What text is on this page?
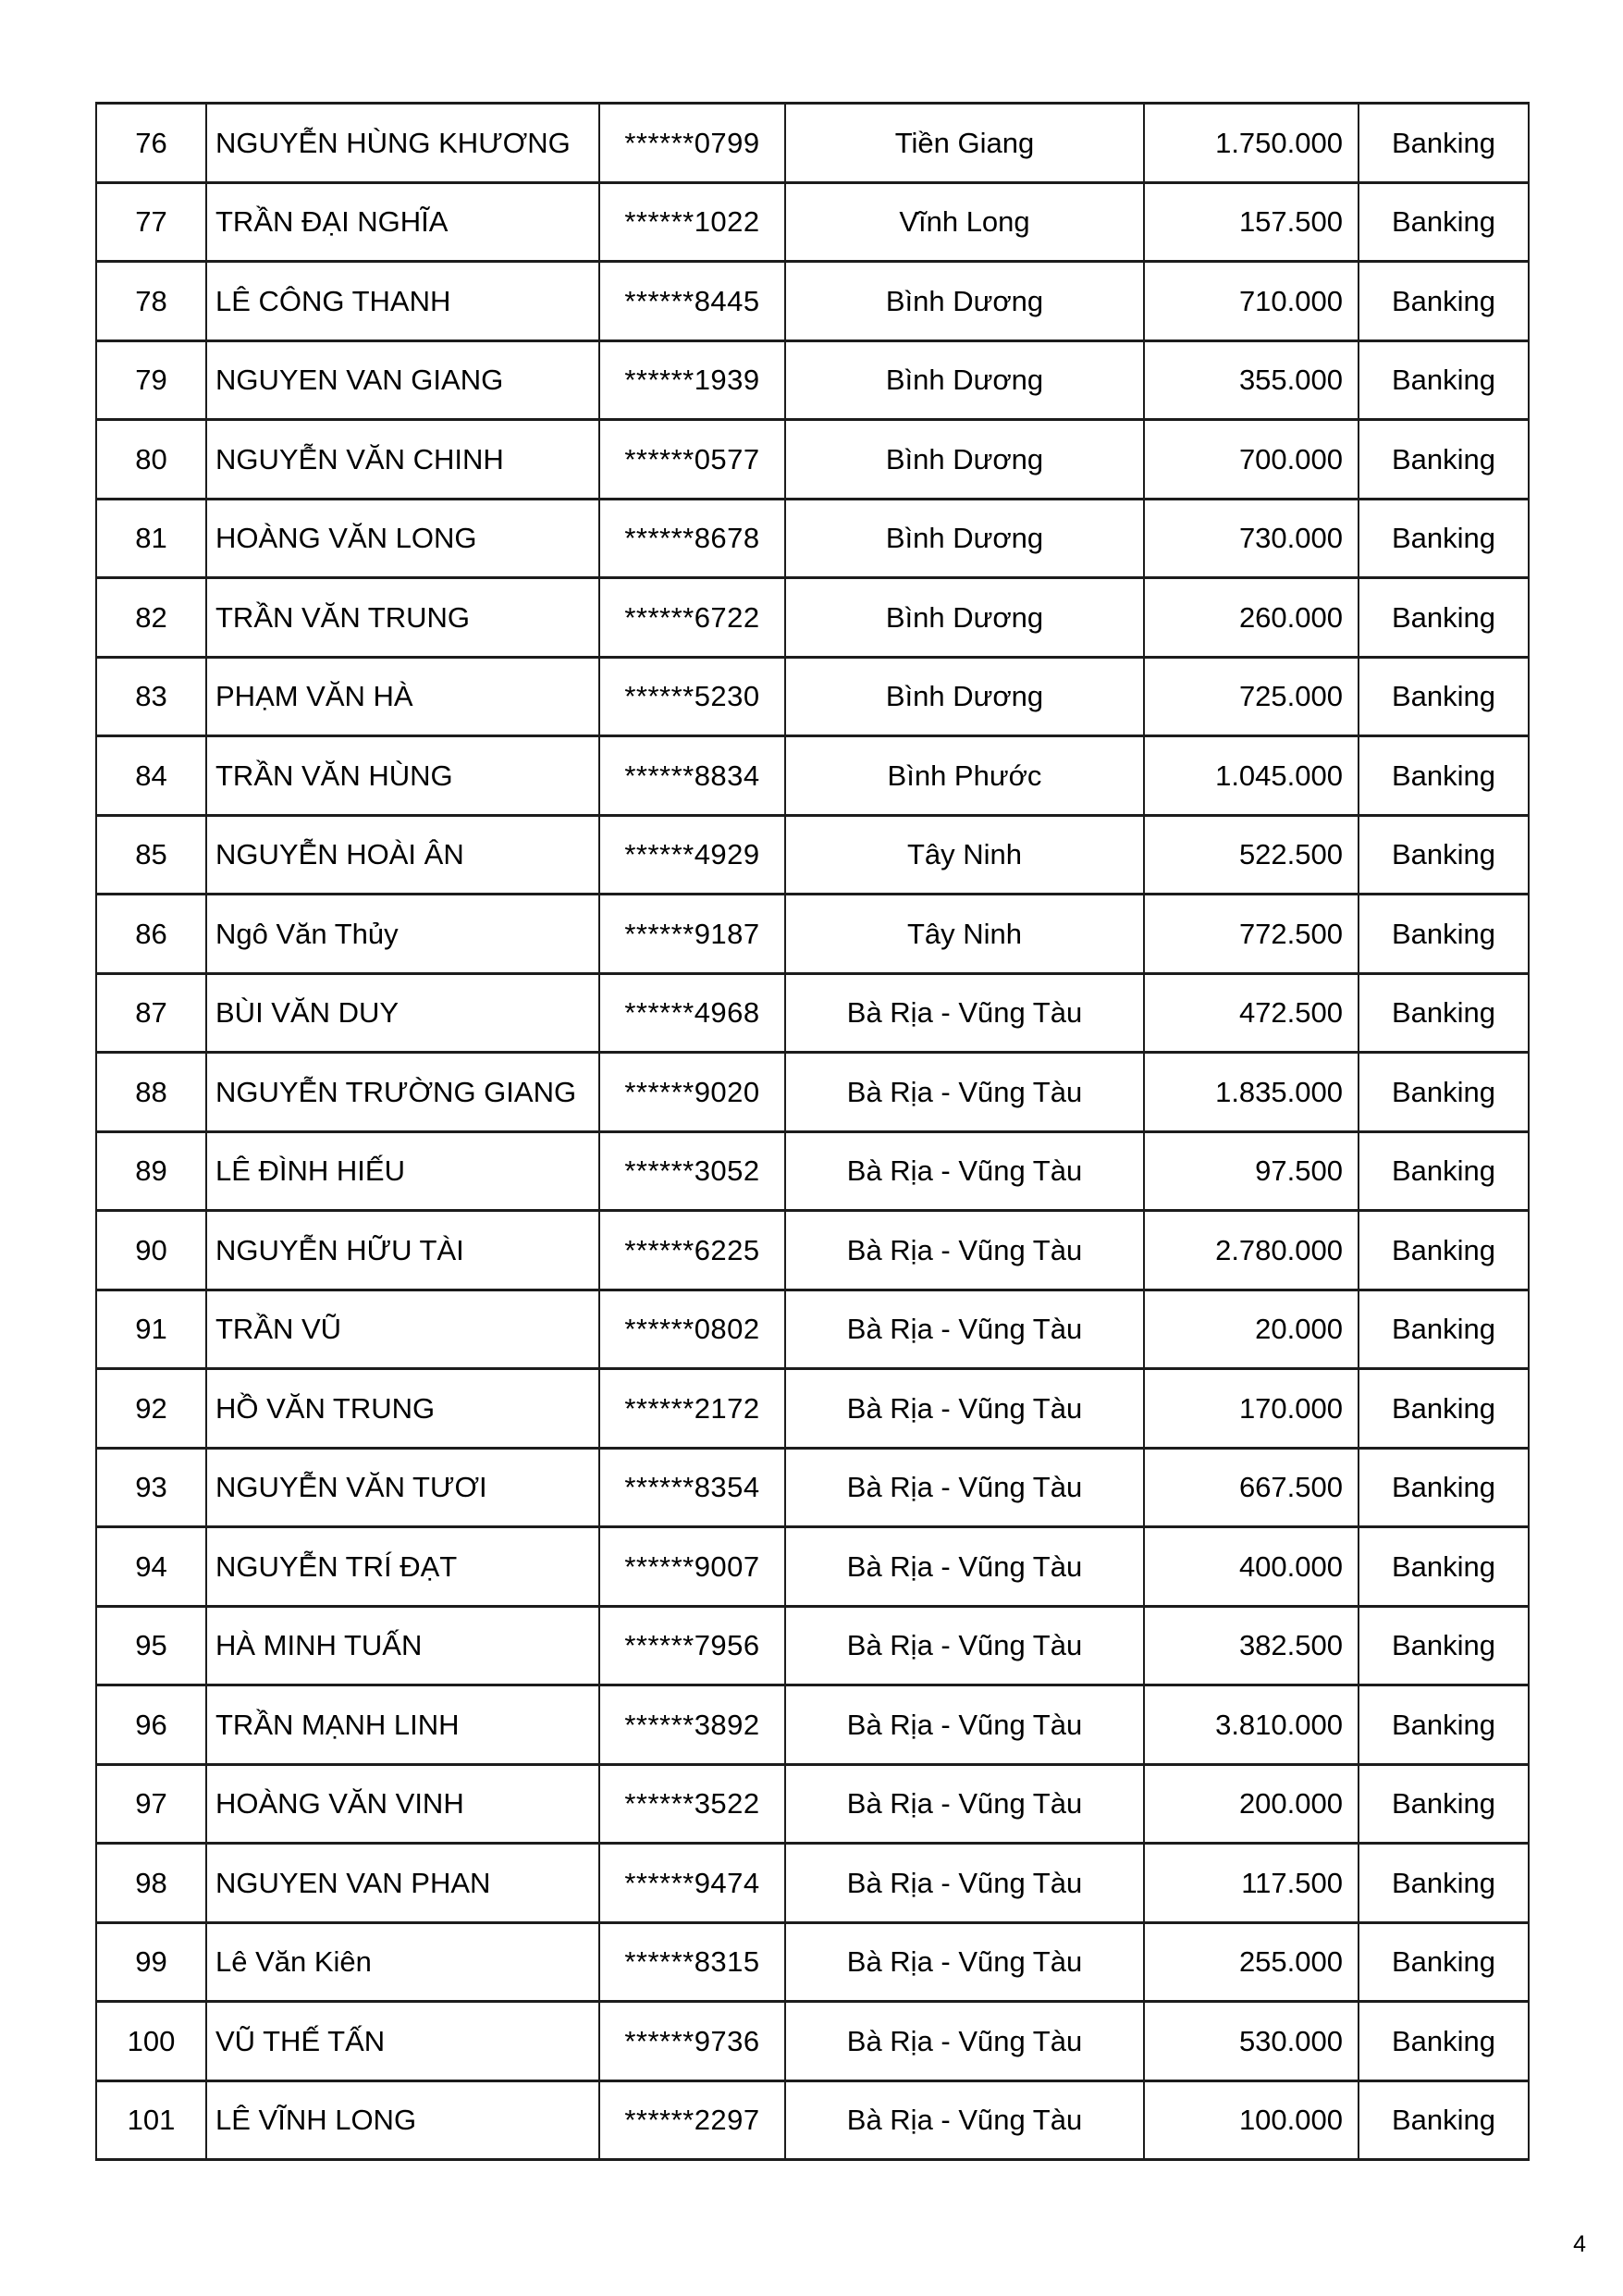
76	NGUYỄN HÙNG KHƯƠNG	******0799	Tiền Giang	1.750.000	Banking
77	TRẦN ĐẠI NGHĨA	******1022	Vĩnh Long	157.500	Banking
78	LÊ CÔNG THANH	******8445	Bình Dương	710.000	Banking
79	NGUYEN VAN GIANG	******1939	Bình Dương	355.000	Banking
80	NGUYỄN VĂN CHINH	******0577	Bình Dương	700.000	Banking
81	HOÀNG VĂN LONG	******8678	Bình Dương	730.000	Banking
82	TRẦN VĂN TRUNG	******6722	Bình Dương	260.000	Banking
83	PHẠM VĂN HÀ	******5230	Bình Dương	725.000	Banking
84	TRẦN VĂN HÙNG	******8834	Bình Phước	1.045.000	Banking
85	NGUYỄN HOÀI ÂN	******4929	Tây Ninh	522.500	Banking
86	Ngô Văn Thủy	******9187	Tây Ninh	772.500	Banking
87	BÙI VĂN DUY	******4968	Bà Rịa - Vũng Tàu	472.500	Banking
88	NGUYỄN TRƯỜNG GIANG	******9020	Bà Rịa - Vũng Tàu	1.835.000	Banking
89	LÊ ĐÌNH HIẾU	******3052	Bà Rịa - Vũng Tàu	97.500	Banking
90	NGUYỄN HỮU TÀI	******6225	Bà Rịa - Vũng Tàu	2.780.000	Banking
91	TRẦN VŨ	******0802	Bà Rịa - Vũng Tàu	20.000	Banking
92	HỒ VĂN TRUNG	******2172	Bà Rịa - Vũng Tàu	170.000	Banking
93	NGUYỄN VĂN TƯƠI	******8354	Bà Rịa - Vũng Tàu	667.500	Banking
94	NGUYỄN TRÍ ĐẠT	******9007	Bà Rịa - Vũng Tàu	400.000	Banking
95	HÀ MINH TUẤN	******7956	Bà Rịa - Vũng Tàu	382.500	Banking
96	TRẦN MẠNH LINH	******3892	Bà Rịa - Vũng Tàu	3.810.000	Banking
97	HOÀNG VĂN VINH	******3522	Bà Rịa - Vũng Tàu	200.000	Banking
98	NGUYEN VAN PHAN	******9474	Bà Rịa - Vũng Tàu	117.500	Banking
99	Lê Văn Kiên	******8315	Bà Rịa - Vũng Tàu	255.000	Banking
100	VŨ THẾ TẤN	******9736	Bà Rịa - Vũng Tàu	530.000	Banking
101	LÊ VĨNH LONG	******2297	Bà Rịa - Vũng Tàu	100.000	Banking
4
